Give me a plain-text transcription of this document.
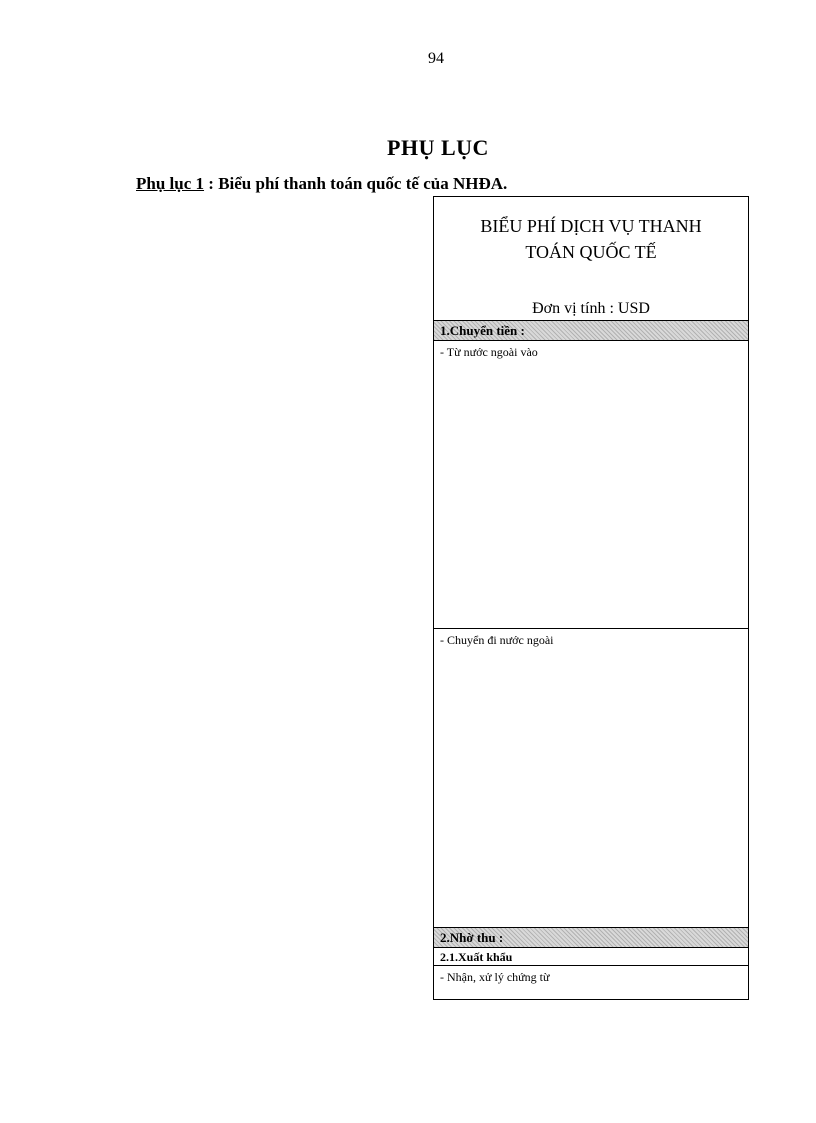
94
PHỤ LỤC
Phụ lục 1 : Biểu phí thanh toán quốc tế của NHĐA.
BIỂU PHÍ DỊCH VỤ THANH
TOÁN QUỐC TẾ
Đơn vị tính : USD
1.Chuyển tiền :
- Từ nước ngoài vào
- Chuyển đi nước ngoài
2.Nhờ thu :
2.1.Xuất khẩu
- Nhận, xử lý chứng từ
